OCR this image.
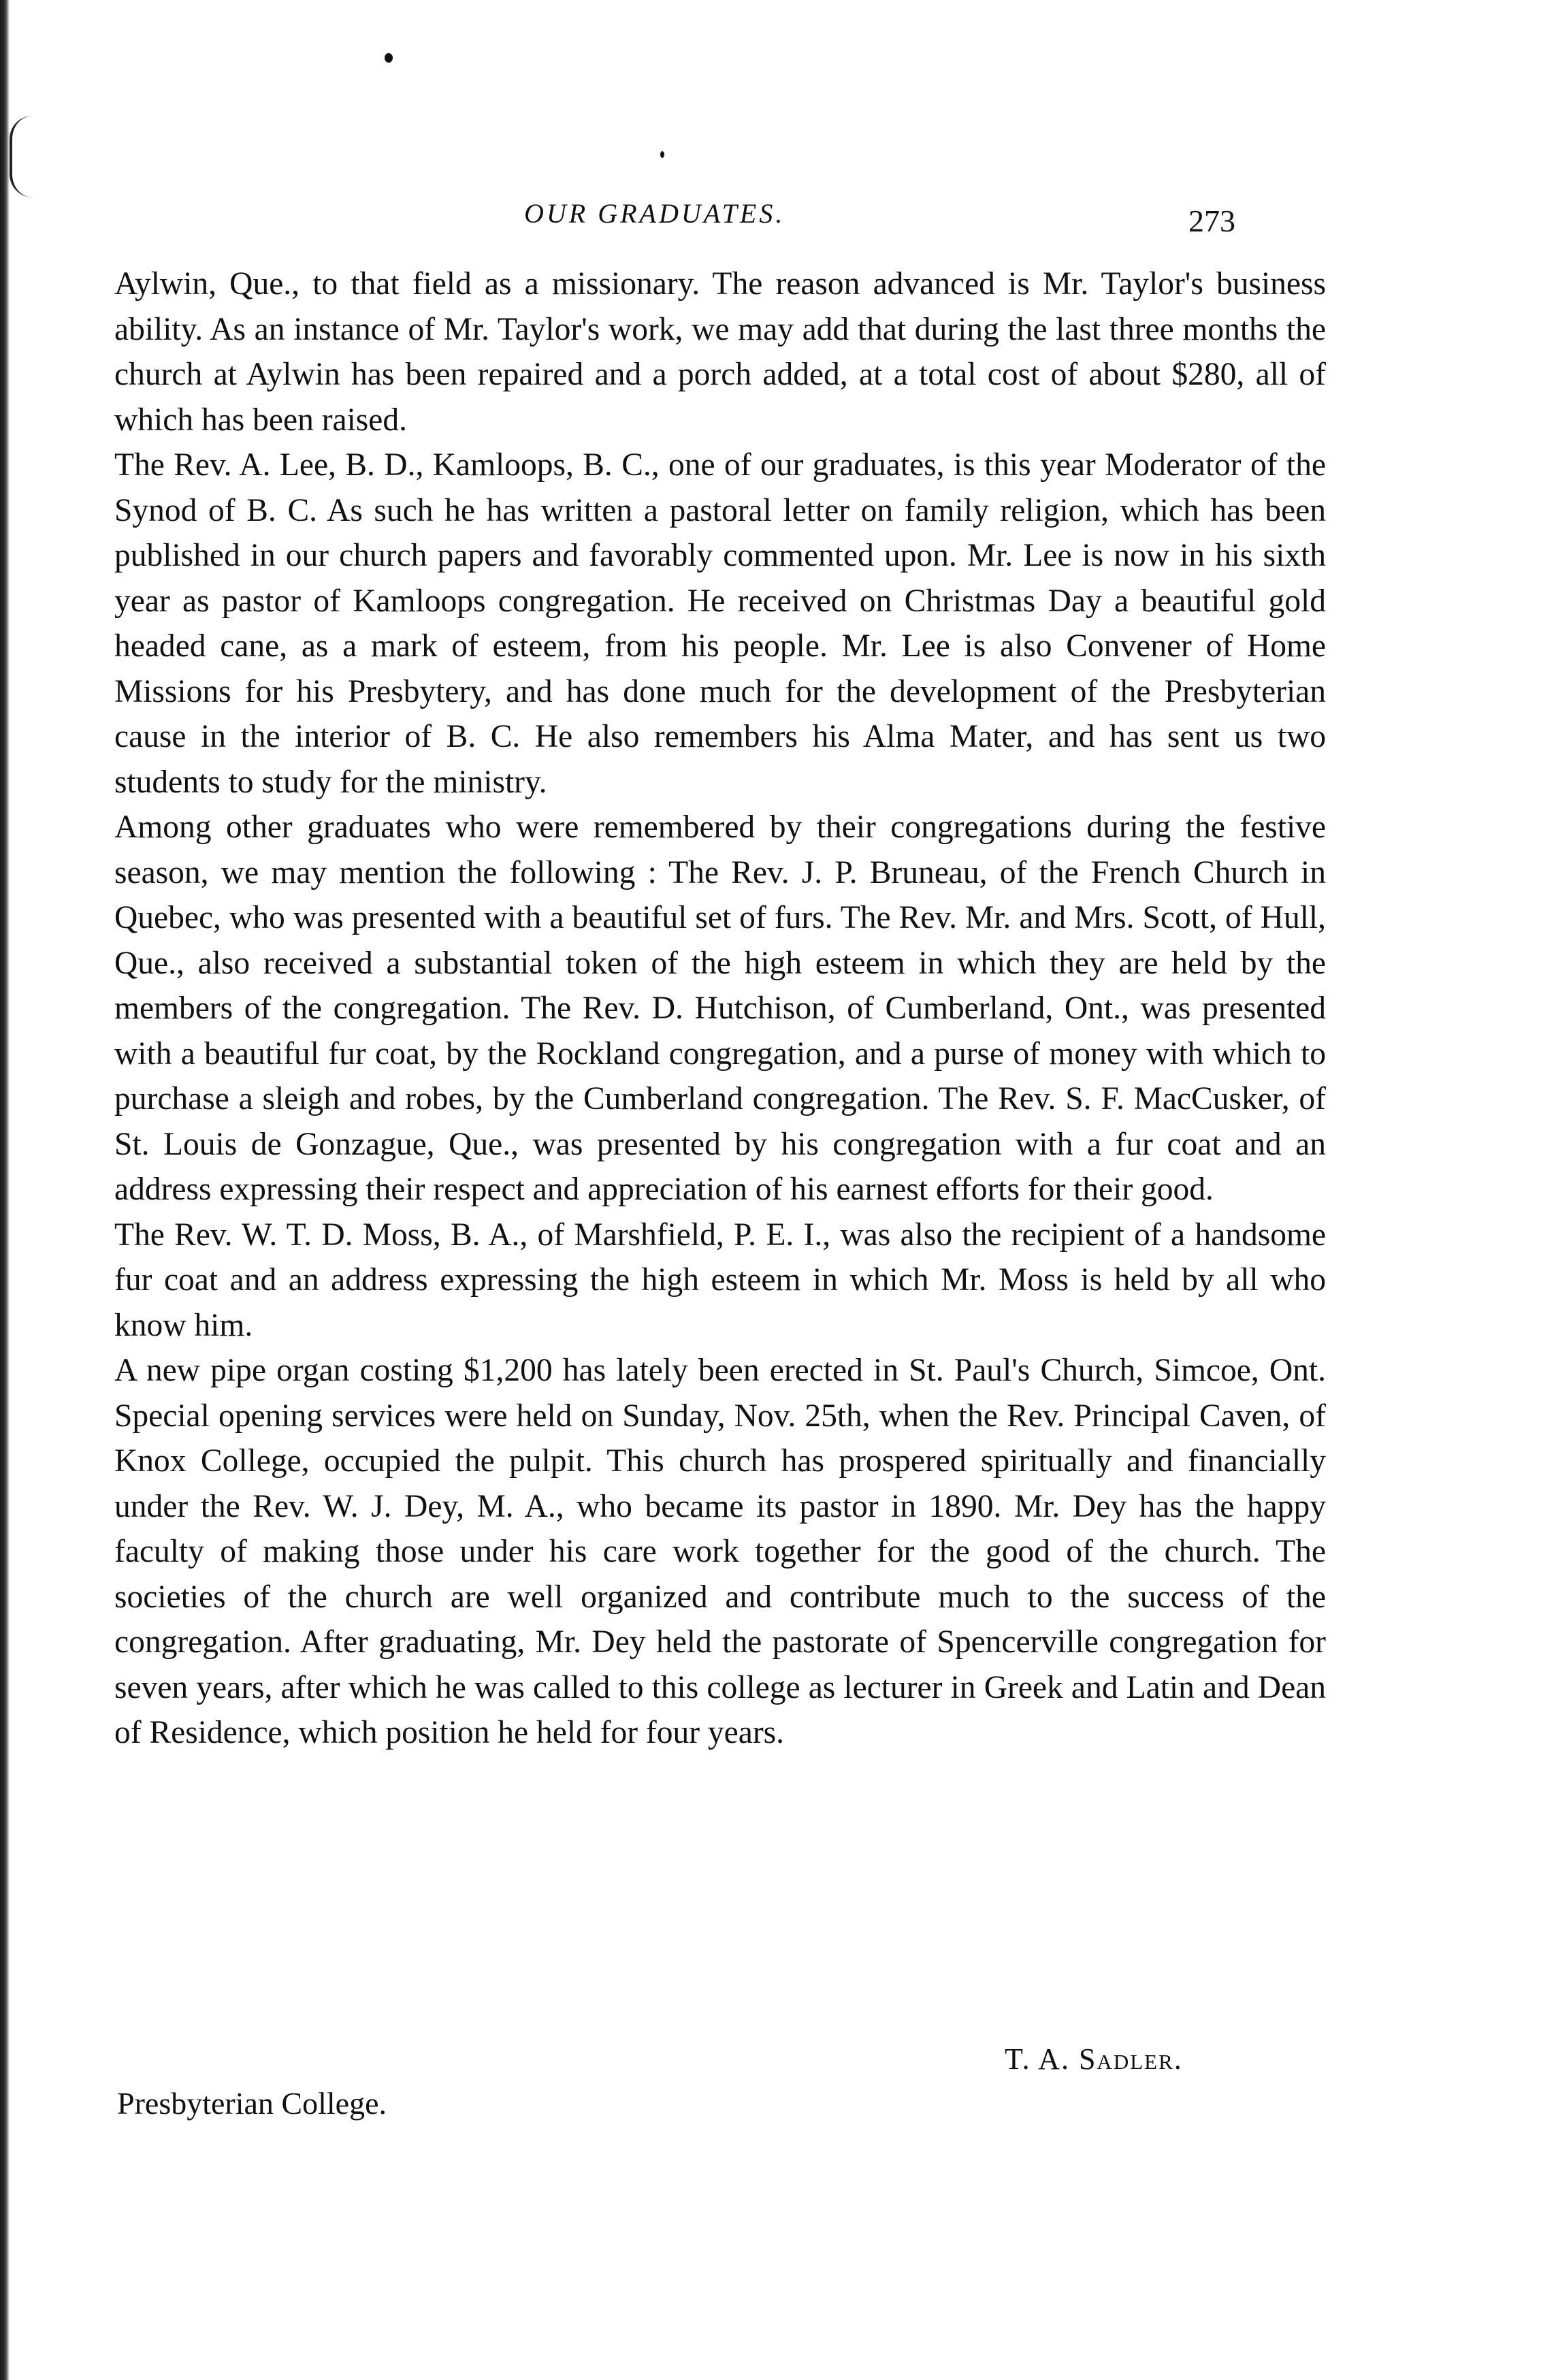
OUR GRADUATES.	273

Aylwin, Que., to that field as a missionary. The reason advanced is Mr. Taylor's business ability. As an instance of Mr. Taylor's work, we may add that during the last three months the church at Aylwin has been repaired and a porch added, at a total cost of about $280, all of which has been raised.

The Rev. A. Lee, B. D., Kamloops, B. C., one of our graduates, is this year Moderator of the Synod of B. C. As such he has written a pastoral letter on family religion, which has been published in our church papers and favorably commented upon. Mr. Lee is now in his sixth year as pastor of Kamloops congregation. He received on Christmas Day a beautiful gold headed cane, as a mark of esteem, from his people. Mr. Lee is also Convener of Home Missions for his Presbytery, and has done much for the development of the Presbyterian cause in the interior of B. C. He also remembers his Alma Mater, and has sent us two students to study for the ministry.

Among other graduates who were remembered by their congregations during the festive season, we may mention the following : The Rev. J. P. Bruneau, of the French Church in Quebec, who was presented with a beautiful set of furs. The Rev. Mr. and Mrs. Scott, of Hull, Que., also received a substantial token of the high esteem in which they are held by the members of the congregation. The Rev. D. Hutchison, of Cumberland, Ont., was presented with a beautiful fur coat, by the Rockland congregation, and a purse of money with which to purchase a sleigh and robes, by the Cumberland congregation. The Rev. S. F. MacCusker, of St. Louis de Gonzague, Que., was presented by his congregation with a fur coat and an address expressing their respect and appreciation of his earnest efforts for their good.

The Rev. W. T. D. Moss, B. A., of Marshfield, P. E. I., was also the recipient of a handsome fur coat and an address expressing the high esteem in which Mr. Moss is held by all who know him.

A new pipe organ costing $1,200 has lately been erected in St. Paul's Church, Simcoe, Ont. Special opening services were held on Sunday, Nov. 25th, when the Rev. Principal Caven, of Knox College, occupied the pulpit. This church has prospered spiritually and financially under the Rev. W. J. Dey, M. A., who became its pastor in 1890. Mr. Dey has the happy faculty of making those under his care work together for the good of the church. The societies of the church are well organized and contribute much to the success of the congregation. After graduating, Mr. Dey held the pastorate of Spencerville congregation for seven years, after which he was called to this college as lecturer in Greek and Latin and Dean of Residence, which position he held for four years.

T. A. Sadler.
Presbyterian College.
